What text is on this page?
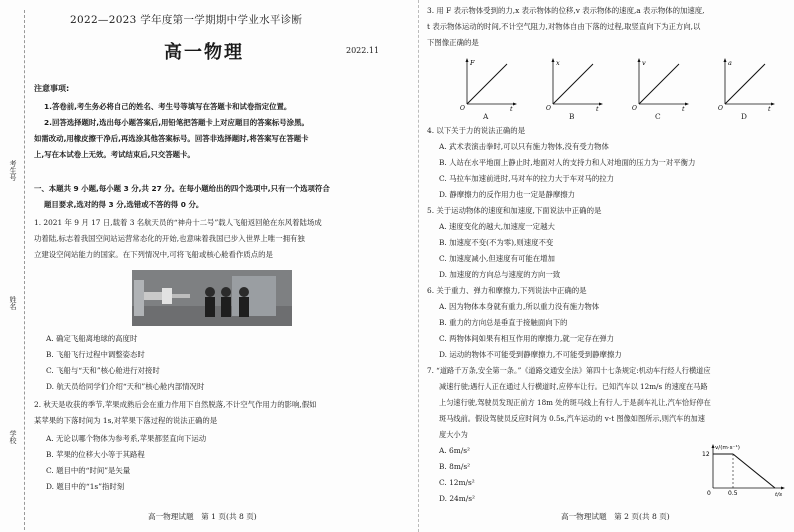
考生号
姓名
学校
2022—2023 学年度第一学期期中学业水平诊断
高一物理	2022.11
注意事项:
1.答卷前,考生务必将自己的姓名、考生号等填写在答题卡和试卷指定位置。
2.回答选择题时,选出每小题答案后,用铅笔把答题卡上对应题目的答案标号涂黑。
如需改动,用橡皮擦干净后,再选涂其他答案标号。回答非选择题时,将答案写在答题卡
上,写在本试卷上无效。考试结束后,只交答题卡。
一、本题共 9 小题,每小题 3 分,共 27 分。在每小题给出的四个选项中,只有一个选项符合
题目要求,选对的得 3 分,选错或不答的得 0 分。
1. 2021 年 9 月 17 日,载着 3 名航天员的“神舟十二号”载人飞船返回舱在东风着陆场成
功着陆,标志着我国空间站运营常态化的开始,也意味着我国已步入世界上唯一拥有独
立建设空间站能力的国家。在下列情况中,可将飞船或核心舱看作质点的是
A. 确定飞船离地球的高度时
B. 飞船飞行过程中调整姿态时
C. 飞船与“天和”核心舱进行对接时
D. 航天员给同学们介绍“天和”核心舱内部情况时
2. 秋天是收获的季节,苹果成熟后会在重力作用下自然脱落,不计空气作用力的影响,假如
某苹果的下落时间为 1s,对苹果下落过程的说法正确的是
A. 无论以哪个物体为参考系,苹果都竖直向下运动
B. 苹果的位移大小等于其路程
C. 题目中的“时间”是矢量
D. 题目中的“1s”指时刻
高一物理试题　第 1 页(共 8 页)
3. 用 F 表示物体受到的力,x 表示物体的位移,v 表示物体的速度,a 表示物体的加速度,
t 表示物体运动的时间,不计空气阻力,对物体自由下落的过程,取竖直向下为正方向,以
下图像正确的是
O
F
t
A
O
x
t
B
O
v
t
C
O
a
t
D
4. 以下关于力的说法正确的是
A. 武术表演击拳时,可以只有施力物体,没有受力物体
B. 人站在水平地面上静止时,地面对人的支持力和人对地面的压力为一对平衡力
C. 马拉车加速前进时,马对车的拉力大于车对马的拉力
D. 静摩擦力的反作用力也一定是静摩擦力
5. 关于运动物体的速度和加速度,下面说法中正确的是
A. 速度变化的越大,加速度一定越大
B. 加速度不变(不为零),则速度不变
C. 加速度减小,但速度有可能在增加
D. 加速度的方向总与速度的方向一致
6. 关于重力、弹力和摩擦力,下列说法中正确的是
A. 因为物体本身就有重力,所以重力没有施力物体
B. 重力的方向总是垂直于接触面向下的
C. 两物体间如果有相互作用的摩擦力,就一定存在弹力
D. 运动的物体不可能受到静摩擦力,不可能受到静摩擦力
7. “道路千万条,安全第一条。”《道路交通安全法》第四十七条规定:机动车行经人行横道应
减速行驶;遇行人正在通过人行横道时,应停车让行。已知汽车以 12m/s 的速度在马路
上匀速行驶,驾驶员发现正前方 18m 处的斑马线上有行人,于是刹车礼让,汽车恰好停在
斑马线前。假设驾驶员反应时间为 0.5s,汽车运动的 v-t 图像如图所示,则汽车的加速
度大小为
A. 6m/s²
B. 8m/s²
C. 12m/s²
D. 24m/s²
v/(m·s⁻¹)
12
0	0.5	t/s
高一物理试题　第 2 页(共 8 页)
